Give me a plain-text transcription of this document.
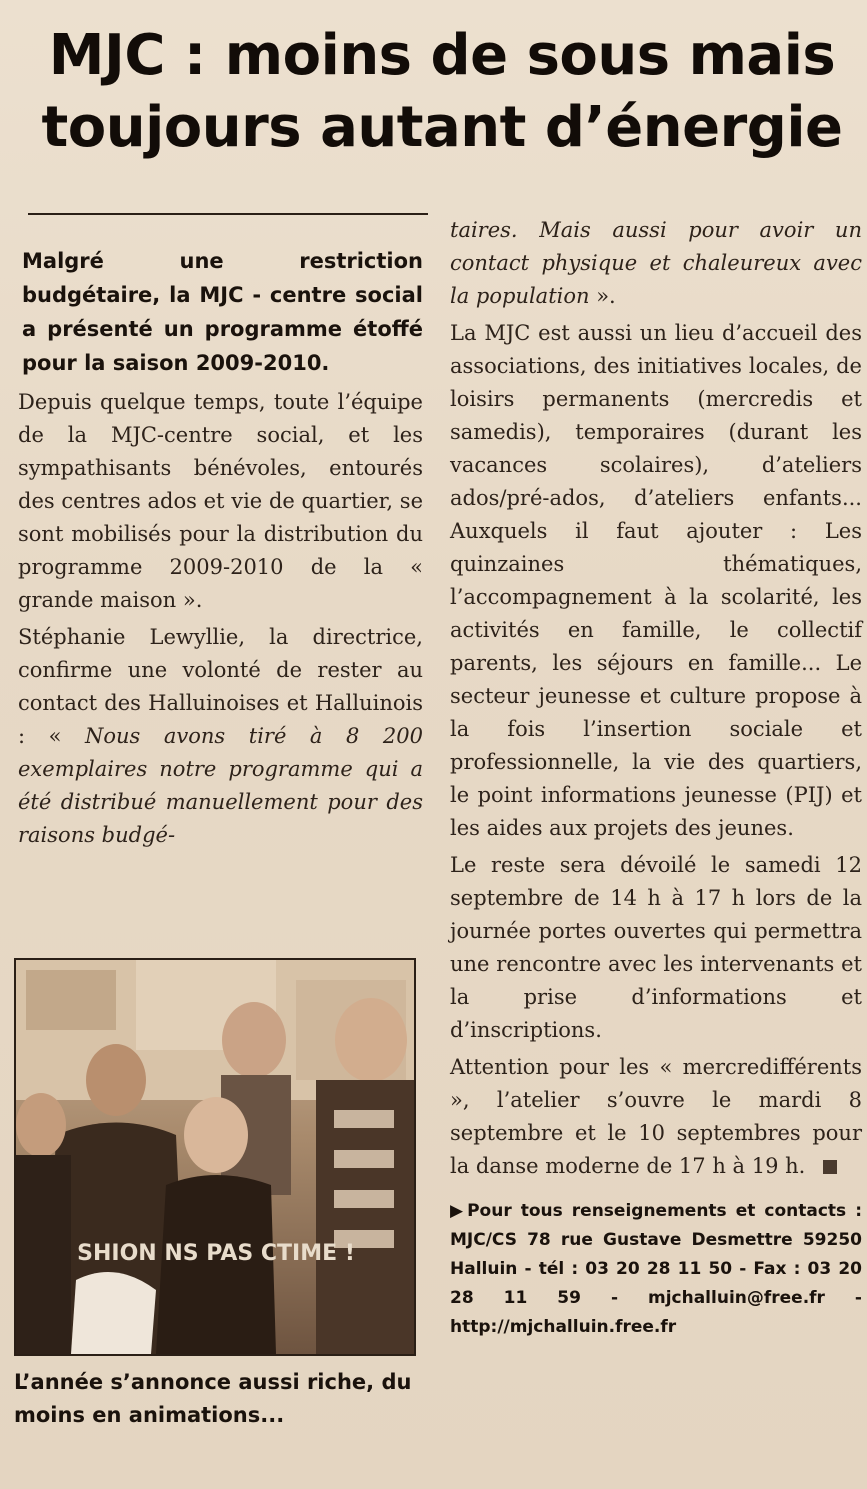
MJC : moins de sous mais toujours autant d’énergie

Malgré une restriction budgétaire, la MJC - centre social a présenté un programme étoffé pour la saison 2009-2010.

Depuis quelque temps, toute l’équipe de la MJC-centre social, et les sympathisants bénévoles, entourés des centres ados et vie de quartier, se sont mobilisés pour la distribution du programme 2009-2010 de la « grande maison ».

Stéphanie Lewyllie, la directrice, confirme une volonté de rester au contact des Halluinoises et Halluinois : « Nous avons tiré à 8 200 exemplaires notre programme qui a été distribué manuellement pour des raisons budgé-

SHION NS PAS CTIME !

L’année s’annonce aussi riche, du moins en animations...

taires. Mais aussi pour avoir un contact physique et chaleureux avec la population ».

La MJC est aussi un lieu d’accueil des associations, des initiatives locales, de loisirs permanents (mercredis et samedis), temporaires (durant les vacances scolaires), d’ateliers ados/pré-ados, d’ateliers enfants... Auxquels il faut ajouter : Les quinzaines thématiques, l’accompagnement à la scolarité, les activités en famille, le collectif parents, les séjours en famille... Le secteur jeunesse et culture propose à la fois l’insertion sociale et professionnelle, la vie des quartiers, le point informations jeunesse (PIJ) et les aides aux projets des jeunes.

Le reste sera dévoilé le samedi 12 septembre de 14 h à 17 h lors de la journée portes ouvertes qui permettra une rencontre avec les intervenants et la prise d’informations et d’inscriptions.

Attention pour les « mercredifférents », l’atelier s’ouvre le mardi 8 septembre et le 10 septembres pour la danse moderne de 17 h à 19 h.

▶ Pour tous renseignements et contacts : MJC/CS 78 rue Gustave Desmettre 59250 Halluin - tél : 03 20 28 11 50 - Fax : 03 20 28 11 59 - mjchalluin@free.fr - http://mjchalluin.free.fr
